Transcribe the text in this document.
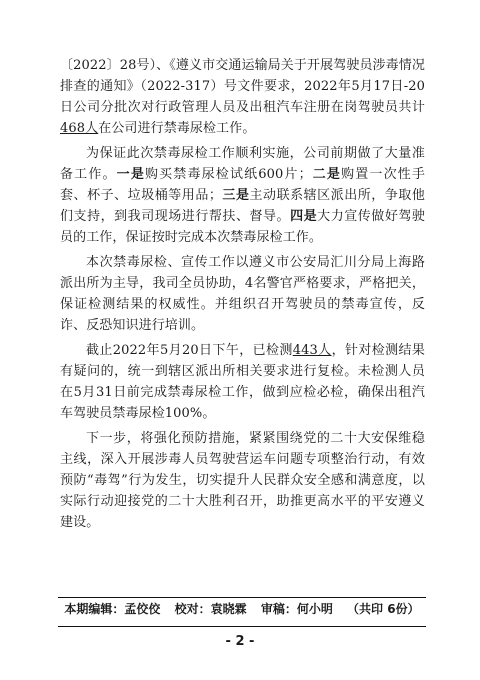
〔2022〕28号）、《遵义市交通运输局关于开展驾驶员涉毒情况排查的通知》（2022-317）号文件要求，2022年5月17日-20日公司分批次对行政管理人员及出租汽车注册在岗驾驶员共计468人在公司进行禁毒尿检工作。

为保证此次禁毒尿检工作顺利实施，公司前期做了大量准备工作。一是购买禁毒尿检试纸600片；二是购置一次性手套、杯子、垃圾桶等用品；三是主动联系辖区派出所，争取他们支持，到我司现场进行帮扶、督导。四是大力宣传做好驾驶员的工作，保证按时完成本次禁毒尿检工作。

本次禁毒尿检、宣传工作以遵义市公安局汇川分局上海路派出所为主导，我司全员协助，4名警官严格要求，严格把关，保证检测结果的权威性。并组织召开驾驶员的禁毒宣传，反诈、反恐知识进行培训。

截止2022年5月20日下午，已检测443人，针对检测结果有疑问的，统一到辖区派出所相关要求进行复检。未检测人员在5月31日前完成禁毒尿检工作，做到应检必检，确保出租汽车驾驶员禁毒尿检100%。

下一步，将强化预防措施，紧紧围绕党的二十大安保维稳主线，深入开展涉毒人员驾驶营运车问题专项整治行动，有效预防“毒驾”行为发生，切实提升人民群众安全感和满意度，以实际行动迎接党的二十大胜利召开，助推更高水平的平安遵义建设。

本期编辑：孟佼佼 校对：袁晓霖 审稿：何小明 （共印 6份）
- 2 -
